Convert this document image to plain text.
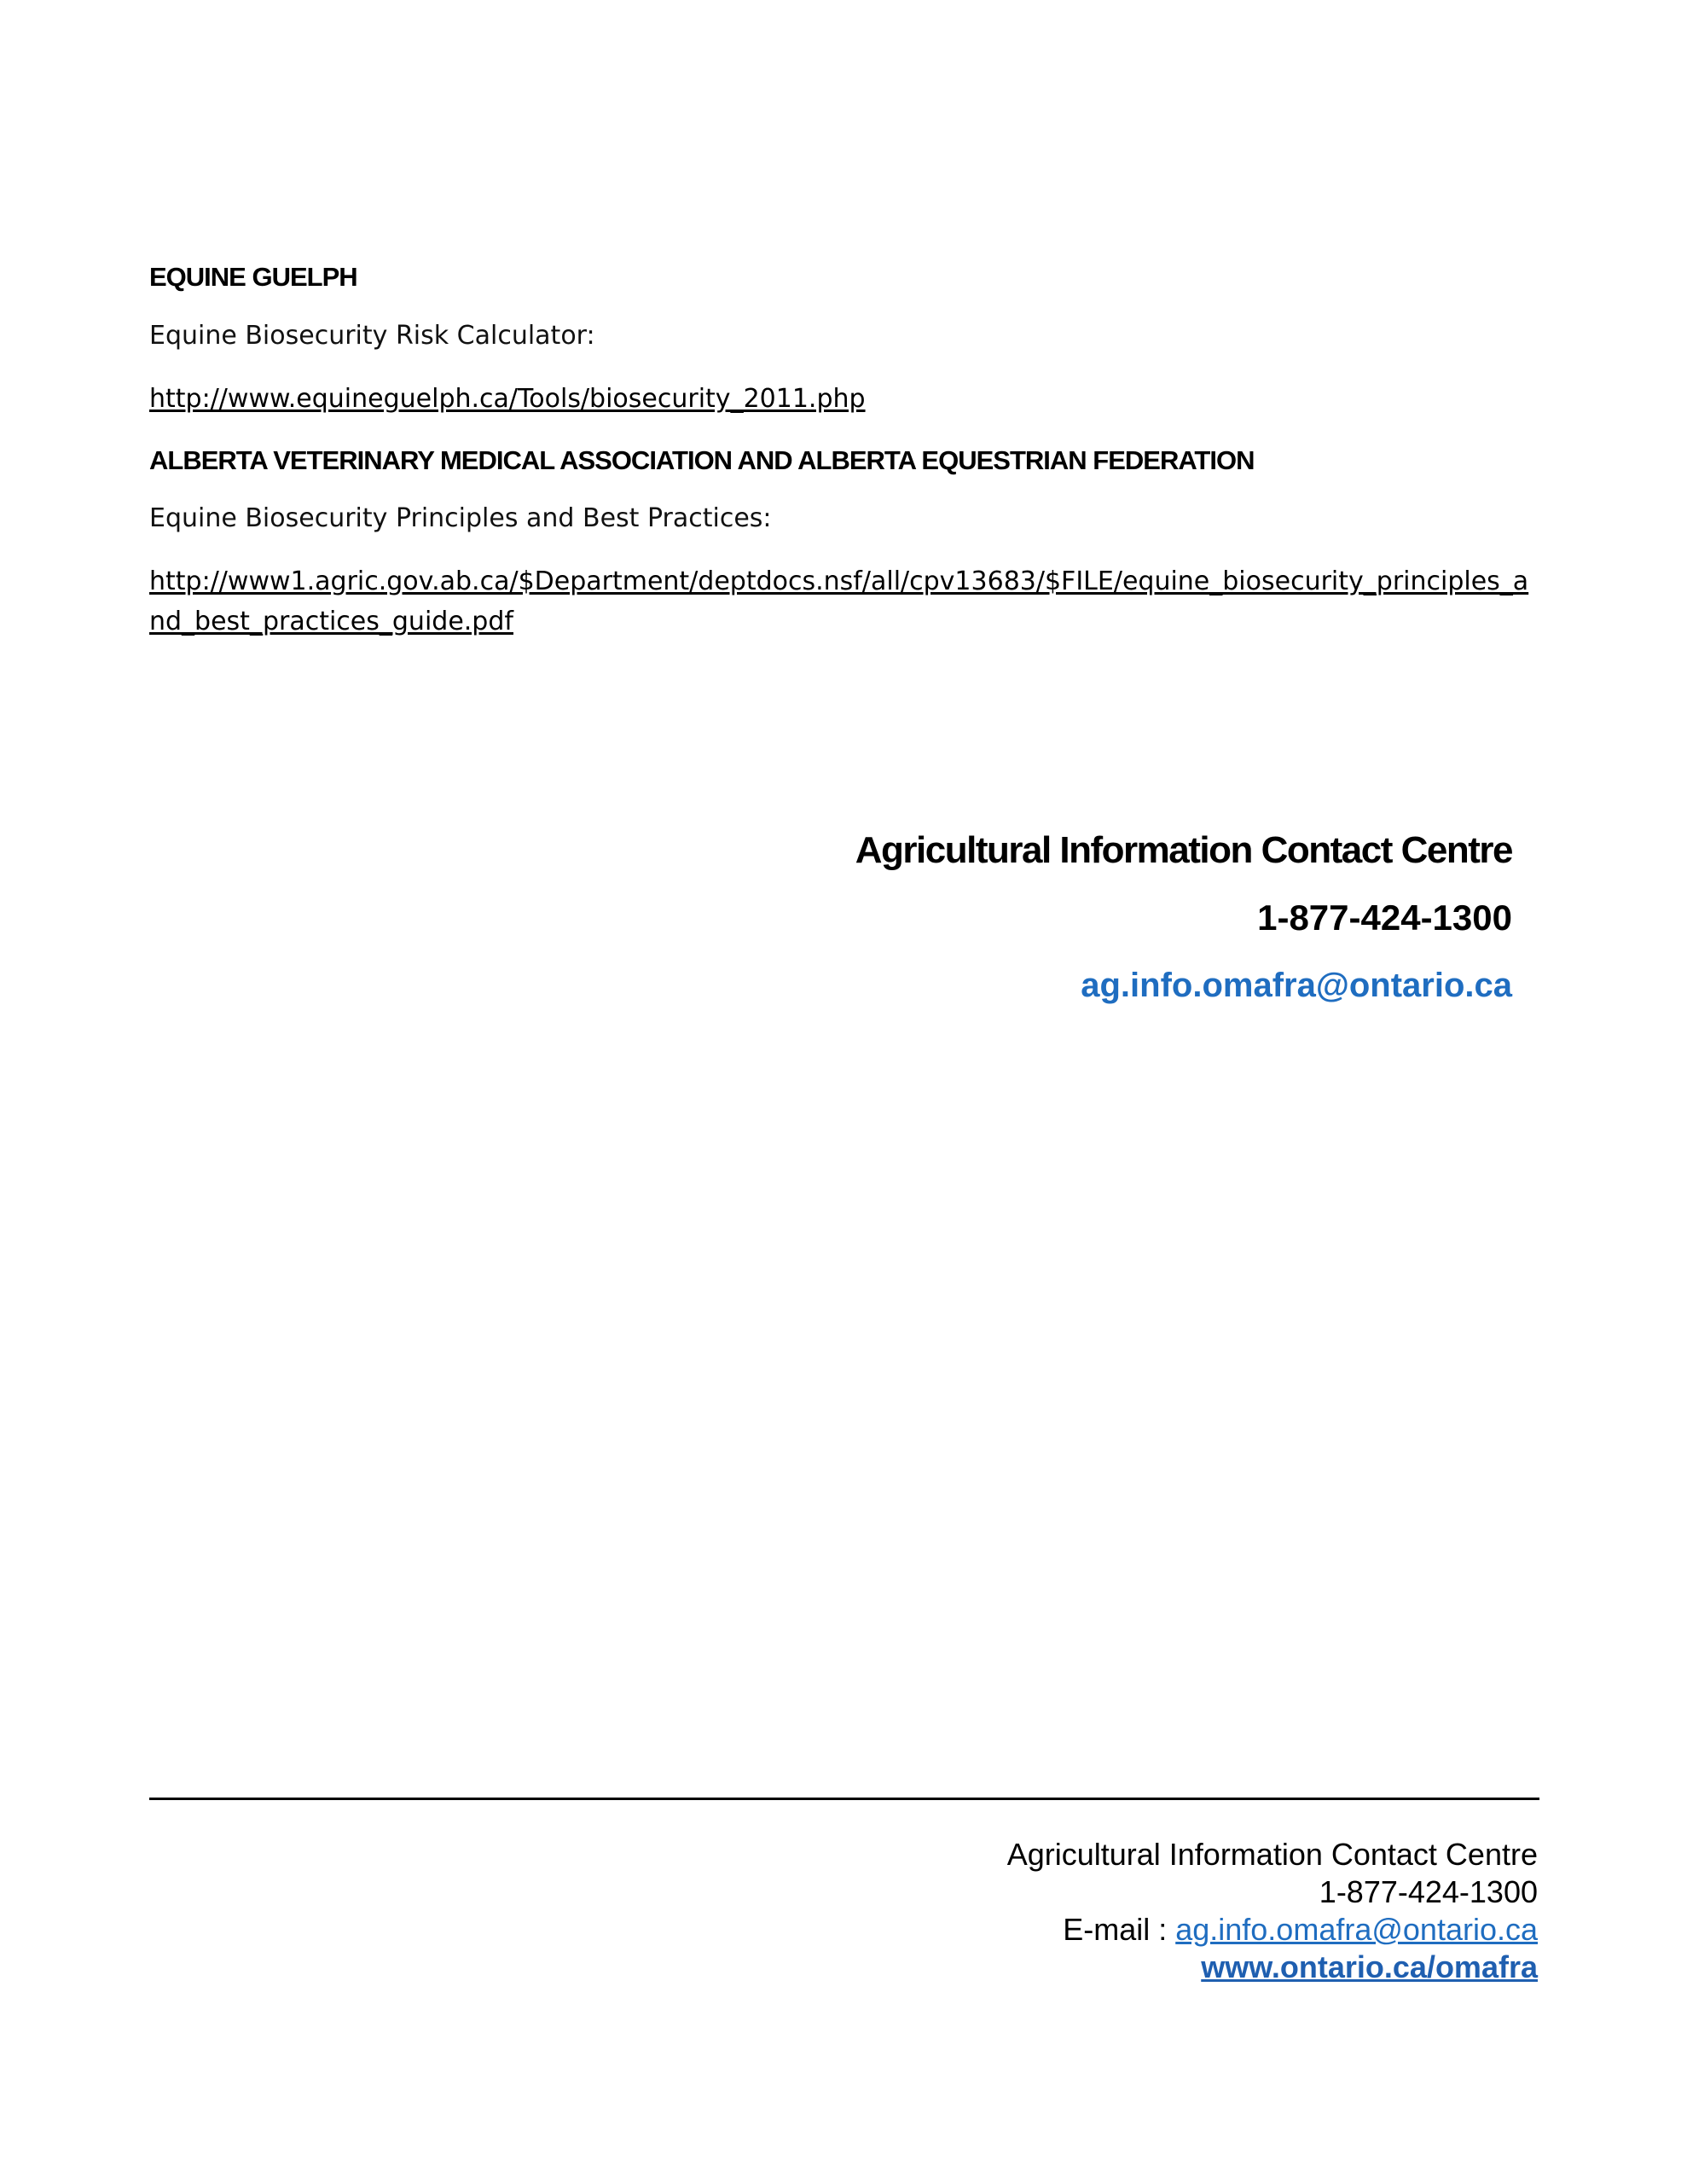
EQUINE GUELPH

Equine Biosecurity Risk Calculator:

http://www.equineguelph.ca/Tools/biosecurity_2011.php

ALBERTA VETERINARY MEDICAL ASSOCIATION AND ALBERTA EQUESTRIAN FEDERATION

Equine Biosecurity Principles and Best Practices:

http://www1.agric.gov.ab.ca/$Department/deptdocs.nsf/all/cpv13683/$FILE/equine_biosecurity_principles_and_best_practices_guide.pdf

Agricultural Information Contact Centre

1-877-424-1300

ag.info.omafra@ontario.ca
Agricultural Information Contact Centre
1-877-424-1300
E-mail : ag.info.omafra@ontario.ca
www.ontario.ca/omafra
